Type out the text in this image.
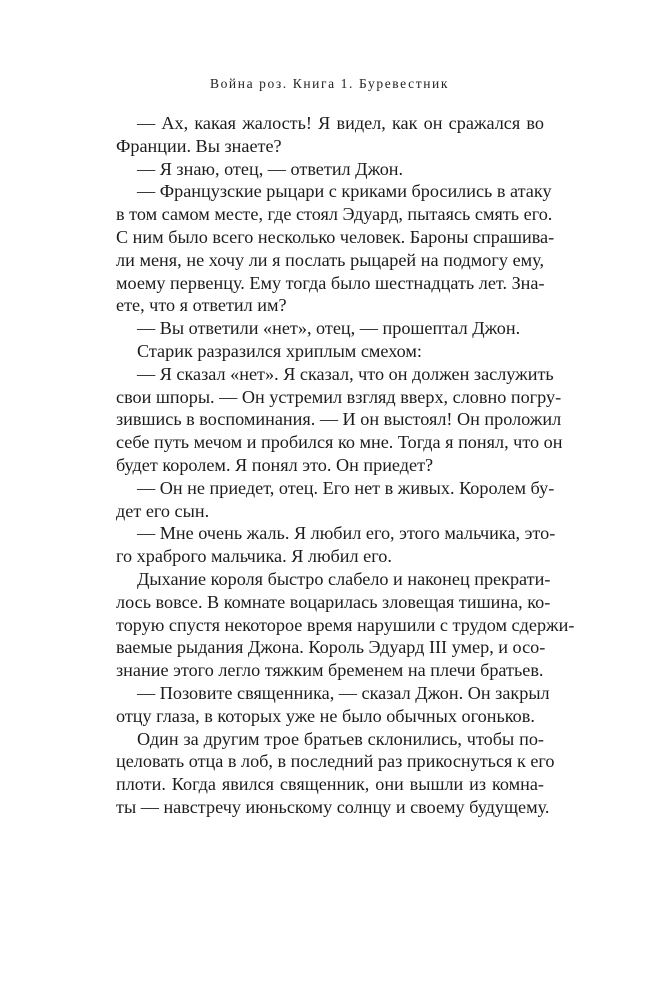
Война роз. Книга 1. Буревестник
— Ах, какая жалость! Я видел, как он сражался во
Франции. Вы знаете?
— Я знаю, отец, — ответил Джон.
— Французские рыцари с криками бросились в атаку
в том самом месте, где стоял Эдуард, пытаясь смять его.
С ним было всего несколько человек. Бароны спрашива-
ли меня, не хочу ли я послать рыцарей на подмогу ему,
моему первенцу. Ему тогда было шестнадцать лет. Зна-
ете, что я ответил им?
— Вы ответили «нет», отец, — прошептал Джон.
Старик разразился хриплым смехом:
— Я сказал «нет». Я сказал, что он должен заслужить
свои шпоры. — Он устремил взгляд вверх, словно погру-
зившись в воспоминания. — И он выстоял! Он проложил
себе путь мечом и пробился ко мне. Тогда я понял, что он
будет королем. Я понял это. Он приедет?
— Он не приедет, отец. Его нет в живых. Королем бу-
дет его сын.
— Мне очень жаль. Я любил его, этого мальчика, это-
го храброго мальчика. Я любил его.
Дыхание короля быстро слабело и наконец прекрати-
лось вовсе. В комнате воцарилась зловещая тишина, ко-
торую спустя некоторое время нарушили с трудом сдержи-
ваемые рыдания Джона. Король Эдуард III умер, и осо-
знание этого легло тяжким бременем на плечи братьев.
— Позовите священника, — сказал Джон. Он закрыл
отцу глаза, в которых уже не было обычных огоньков.
Один за другим трое братьев склонились, чтобы по-
целовать отца в лоб, в последний раз прикоснуться к его
плоти. Когда явился священник, они вышли из комна-
ты — навстречу июньскому солнцу и своему будущему.
